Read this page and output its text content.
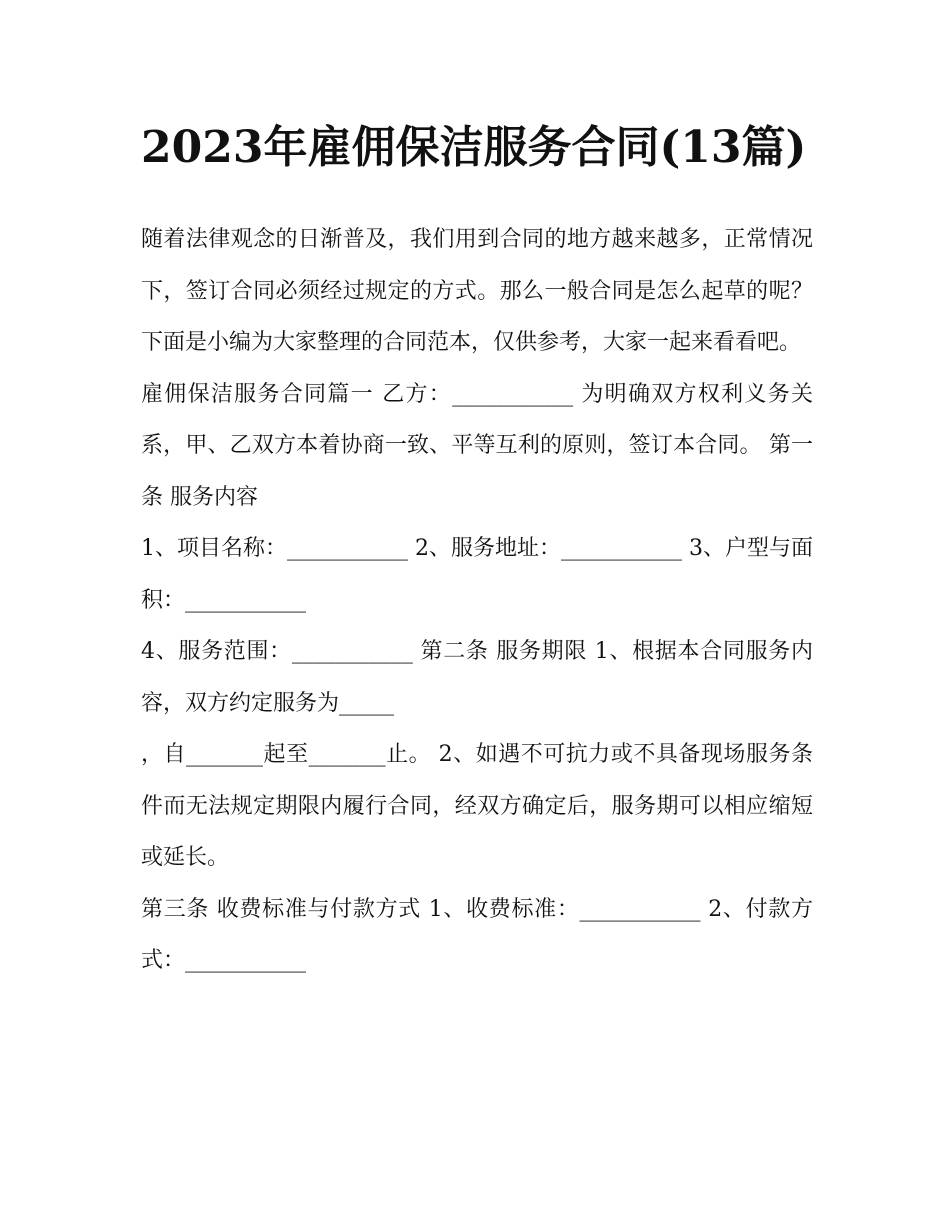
2023年雇佣保洁服务合同(13篇)

随着法律观念的日渐普及，我们用到合同的地方越来越多，正常情况下，签订合同必须经过规定的方式。那么一般合同是怎么起草的呢？下面是小编为大家整理的合同范本，仅供参考，大家一起来看看吧。

雇佣保洁服务合同篇一 乙方：___________ 为明确双方权利义务关系，甲、乙双方本着协商一致、平等互利的原则，签订本合同。 第一条 服务内容

1、项目名称：___________ 2、服务地址：___________ 3、户型与面积：___________

4、服务范围：___________ 第二条 服务期限 1、根据本合同服务内容，双方约定服务为_____

，自_______起至_______止。 2、如遇不可抗力或不具备现场服务条件而无法规定期限内履行合同，经双方确定后，服务期可以相应缩短或延长。

第三条 收费标准与付款方式 1、收费标准：___________ 2、付款方式：___________
